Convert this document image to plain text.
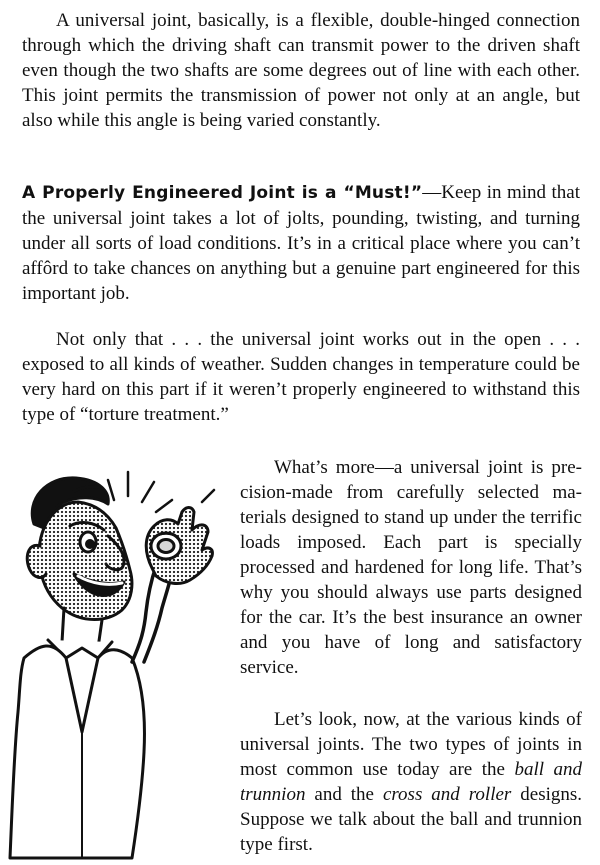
A universal joint, basically, is a flexible, double-hinged connection through which the driving shaft can transmit power to the driven shaft even though the two shafts are some degrees out of line with each other. This joint permits the transmission of power not only at an angle, but also while this angle is being varied constantly.

A Properly Engineered Joint is a “Must!”—Keep in mind that the universal joint takes a lot of jolts, pounding, twisting, and turning under all sorts of load conditions. It’s in a critical place where you can’t affôrd to take chances on anything but a genuine part engineered for this important job.

Not only that . . . the universal joint works out in the open . . . exposed to all kinds of weather. Sudden changes in temperature could be very hard on this part if it weren’t properly engineered to withstand this type of “torture treatment.”

What’s more—a universal joint is precision-made from carefully selected materials designed to stand up under the terrific loads imposed. Each part is specially processed and hardened for long life. That’s why you should always use parts designed for the car. It’s the best insurance an owner and you have of long and satisfactory service.

Let’s look, now, at the various kinds of universal joints. The two types of joints in most common use today are the ball and trunnion and the cross and roller designs. Suppose we talk about the ball and trunnion type first.
